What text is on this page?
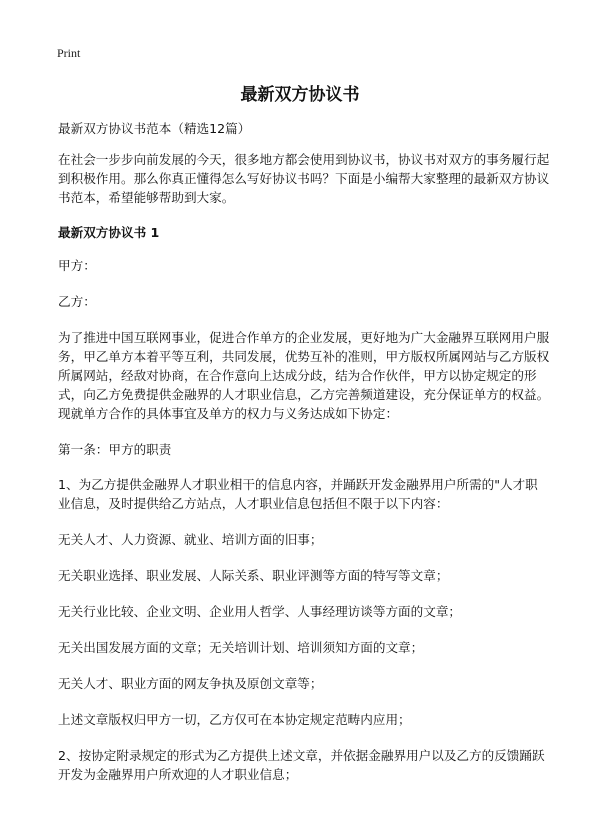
Print
最新双方协议书

最新双方协议书范本（精选12篇）

在社会一步步向前发展的今天，很多地方都会使用到协议书，协议书对双方的事务履行起到积极作用。那么你真正懂得怎么写好协议书吗？下面是小编帮大家整理的最新双方协议书范本，希望能够帮助到大家。

最新双方协议书 1

甲方：

乙方：

为了推进中国互联网事业，促进合作单方的企业发展，更好地为广大金融界互联网用户服务，甲乙单方本着平等互利，共同发展，优势互补的准则，甲方版权所属网站与乙方版权所属网站，经敌对协商，在合作意向上达成分歧，结为合作伙伴，甲方以协定规定的形式，向乙方免费提供金融界的人才职业信息，乙方完善频道建设，充分保证单方的权益。现就单方合作的具体事宜及单方的权力与义务达成如下协定：

第一条：甲方的职责

1、为乙方提供金融界人才职业相干的信息内容，并踊跃开发金融界用户所需的"人才职业信息，及时提供给乙方站点，人才职业信息包括但不限于以下内容：

无关人才、人力资源、就业、培训方面的旧事；

无关职业选择、职业发展、人际关系、职业评测等方面的特写等文章；

无关行业比较、企业文明、企业用人哲学、人事经理访谈等方面的文章；

无关出国发展方面的文章；无关培训计划、培训须知方面的文章；

无关人才、职业方面的网友争执及原创文章等；

上述文章版权归甲方一切，乙方仅可在本协定规定范畴内应用；

2、按协定附录规定的形式为乙方提供上述文章，并依据金融界用户以及乙方的反馈踊跃开发为金融界用户所欢迎的人才职业信息；
